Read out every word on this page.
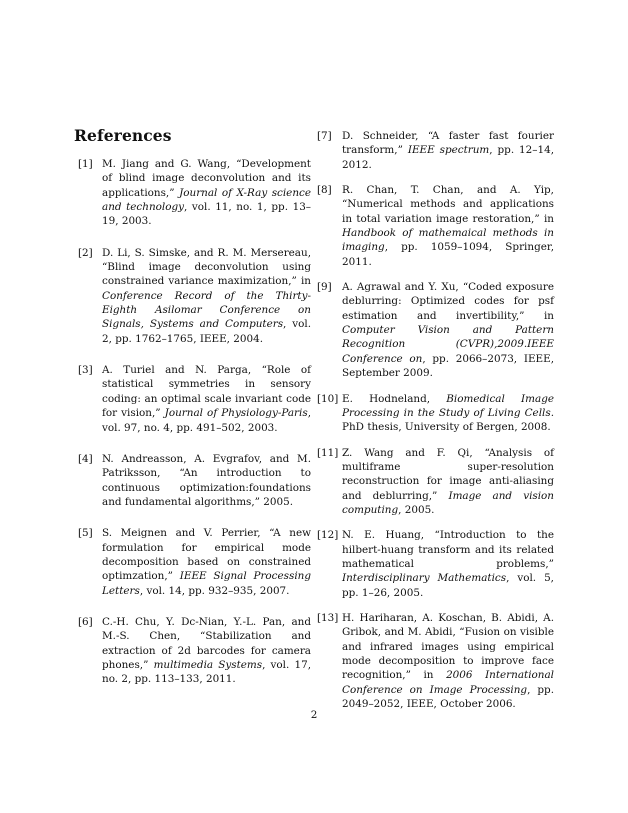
References

[1] M. Jiang and G. Wang, “Development of blind image deconvolution and its applications,” Journal of X-Ray science and technology, vol. 11, no. 1, pp. 13–19, 2003.

[2] D. Li, S. Simske, and R. M. Mersereau, “Blind image deconvolution using constrained variance maximization,” in Conference Record of the Thirty-Eighth Asilomar Conference on Signals, Systems and Computers, vol. 2, pp. 1762–1765, IEEE, 2004.

[3] A. Turiel and N. Parga, “Role of statistical symmetries in sensory coding: an optimal scale invariant code for vision,” Journal of Physiology-Paris, vol. 97, no. 4, pp. 491–502, 2003.

[4] N. Andreasson, A. Evgrafov, and M. Patriksson, “An introduction to continuous optimization:foundations and fundamental algorithms,” 2005.

[5] S. Meignen and V. Perrier, “A new formulation for empirical mode decomposition based on constrained optimzation,” IEEE Signal Processing Letters, vol. 14, pp. 932–935, 2007.

[6] C.-H. Chu, Y. Dc-Nian, Y.-L. Pan, and M.-S. Chen, “Stabilization and extraction of 2d barcodes for camera phones,” multimedia Systems, vol. 17, no. 2, pp. 113–133, 2011.

[7] D. Schneider, “A faster fast fourier transform,” IEEE spectrum, pp. 12–14, 2012.

[8] R. Chan, T. Chan, and A. Yip, “Numerical methods and applications in total variation image restoration,” in Handbook of mathemaical methods in imaging, pp. 1059–1094, Springer, 2011.

[9] A. Agrawal and Y. Xu, “Coded exposure deblurring: Optimized codes for psf estimation and invertibility,” in Computer Vision and Pattern Recognition (CVPR),2009.IEEE Conference on, pp. 2066–2073, IEEE, September 2009.

[10] E. Hodneland, Biomedical Image Processing in the Study of Living Cells. PhD thesis, University of Bergen, 2008.

[11] Z. Wang and F. Qi, “Analysis of multiframe super-resolution reconstruction for image anti-aliasing and deblurring,” Image and vision computing, 2005.

[12] N. E. Huang, “Introduction to the hilbert-huang transform and its related mathematical problems,” Interdisciplinary Mathematics, vol. 5, pp. 1–26, 2005.

[13] H. Hariharan, A. Koschan, B. Abidi, A. Gribok, and M. Abidi, “Fusion on visible and infrared images using empirical mode decomposition to improve face recognition,” in 2006 International Conference on Image Processing, pp. 2049–2052, IEEE, October 2006.

2
